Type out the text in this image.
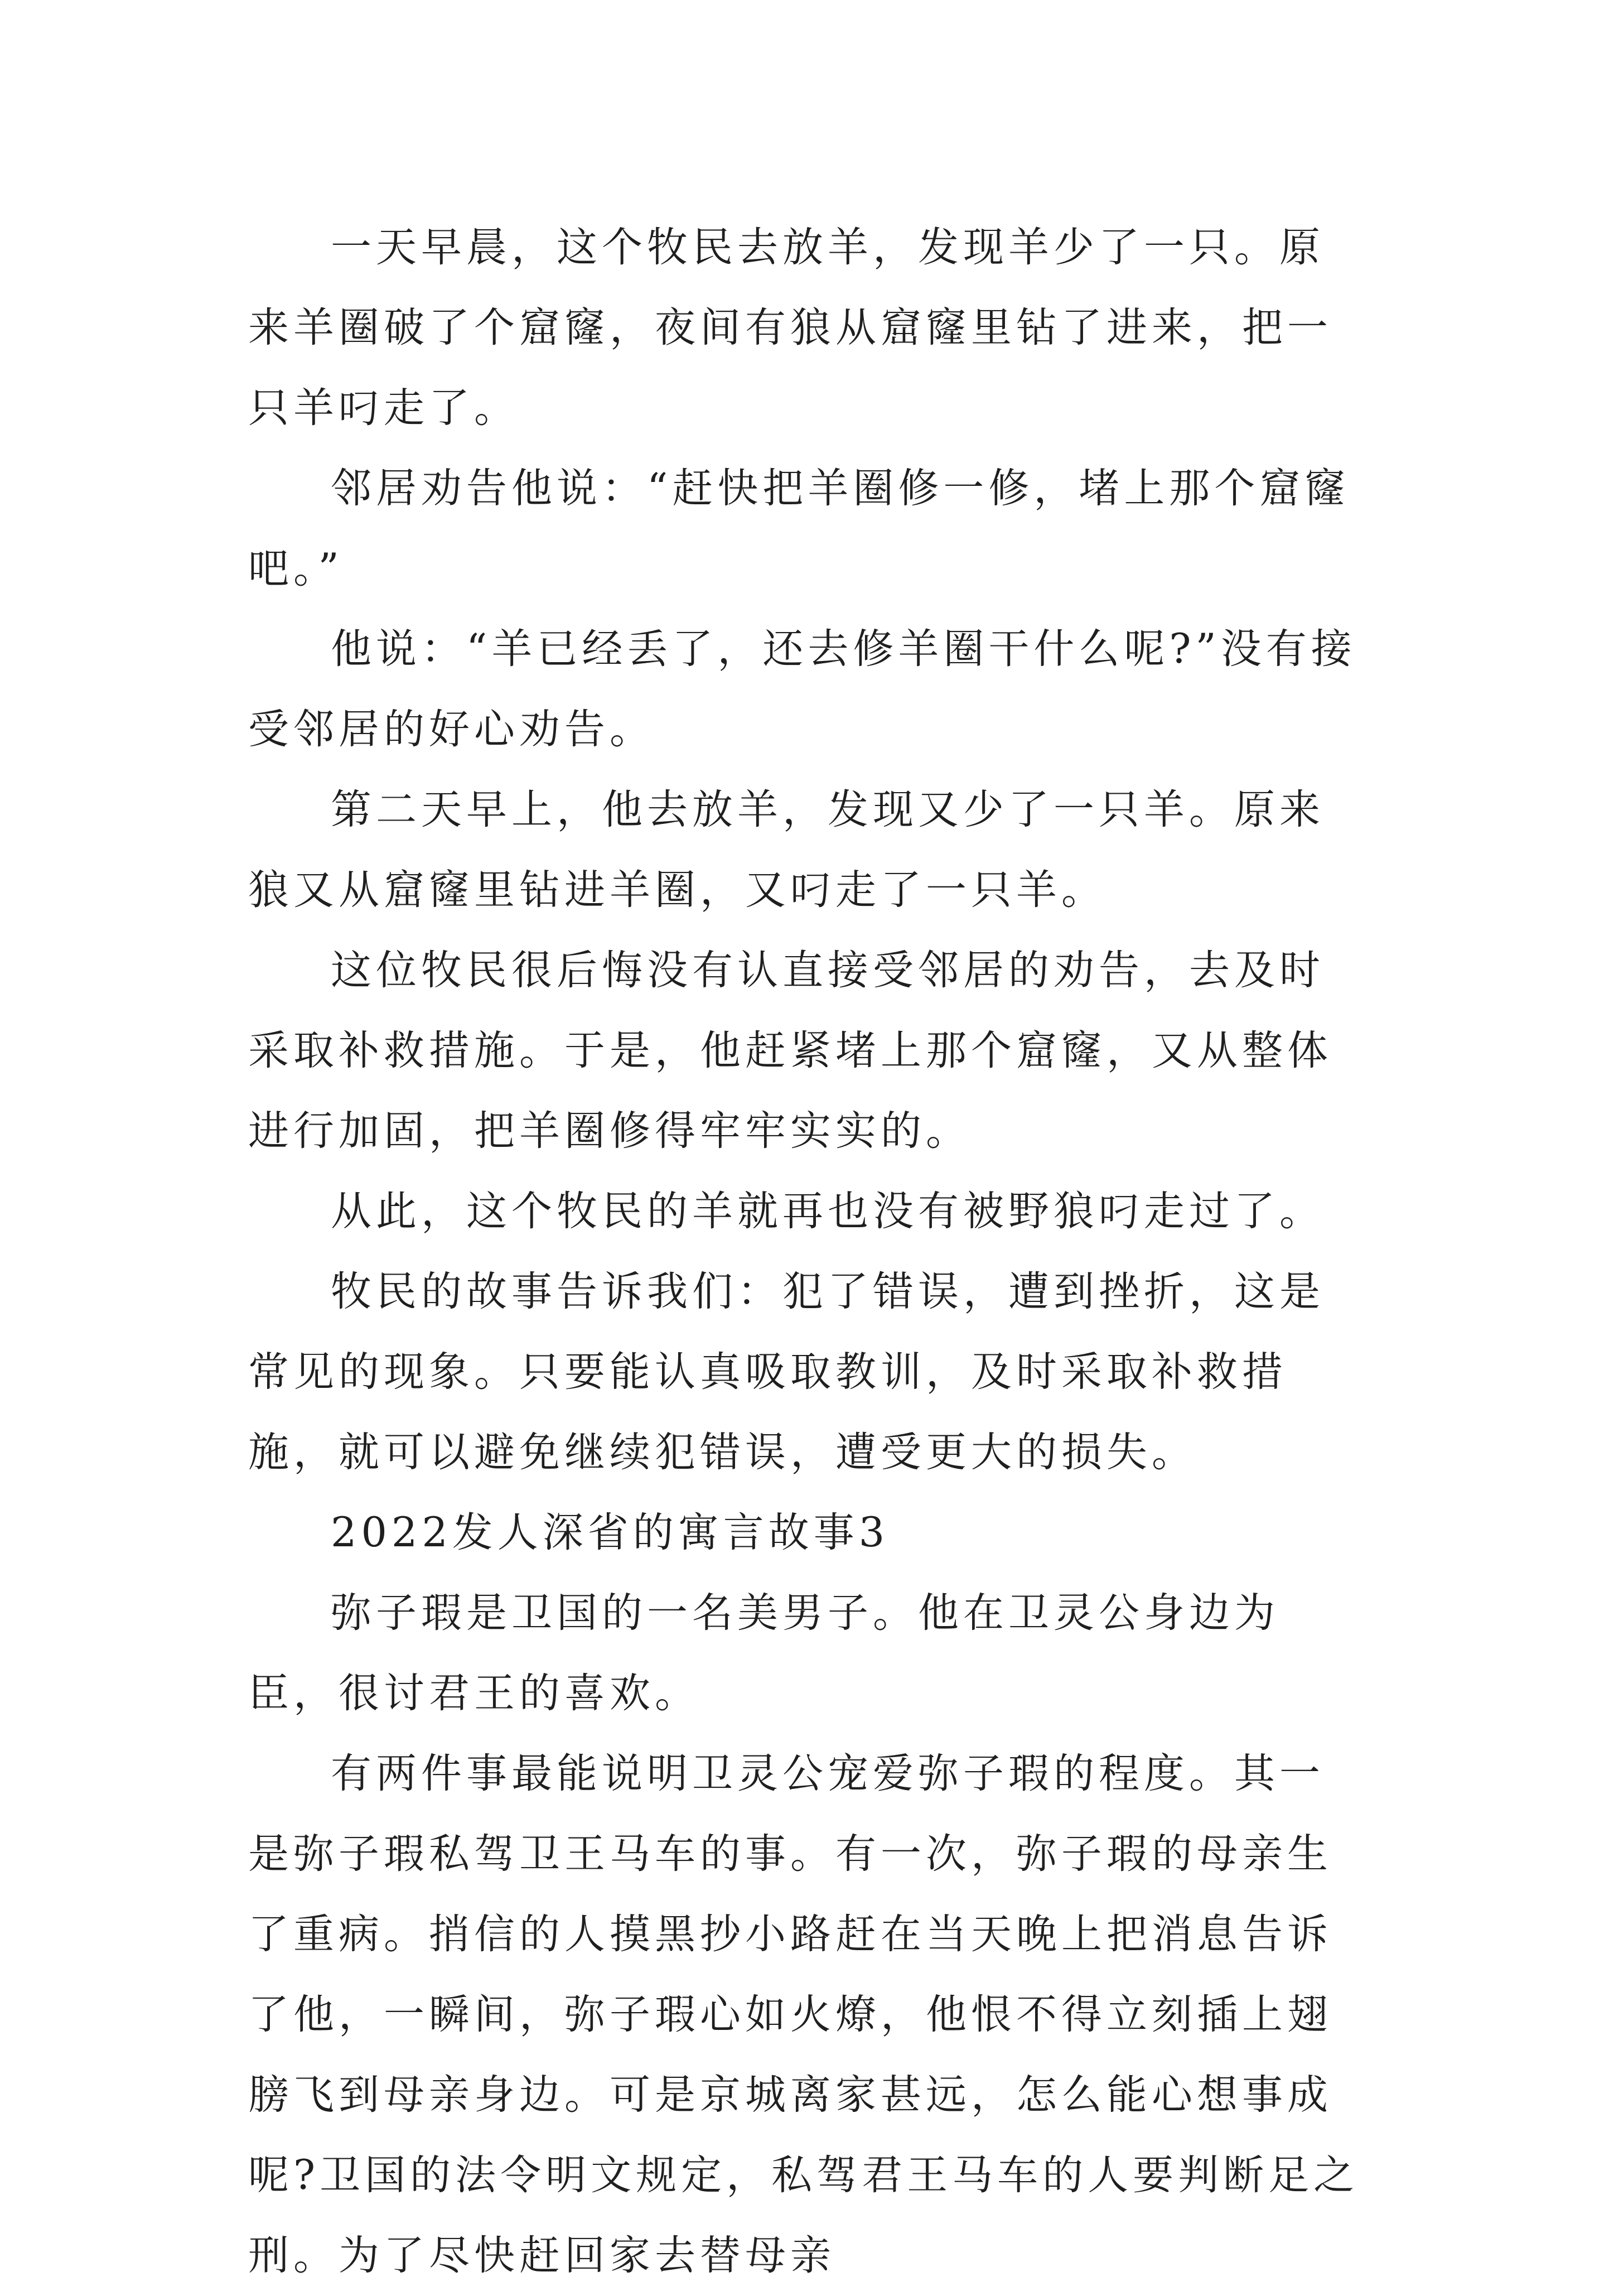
一天早晨，这个牧民去放羊，发现羊少了一只。原来羊圈破了个窟窿，夜间有狼从窟窿里钻了进来，把一只羊叼走了。

邻居劝告他说：“赶快把羊圈修一修，堵上那个窟窿吧。”

他说：“羊已经丢了，还去修羊圈干什么呢?”没有接受邻居的好心劝告。

第二天早上，他去放羊，发现又少了一只羊。原来狼又从窟窿里钻进羊圈，又叼走了一只羊。

这位牧民很后悔没有认直接受邻居的劝告，去及时采取补救措施。于是，他赶紧堵上那个窟窿，又从整体进行加固，把羊圈修得牢牢实实的。

从此，这个牧民的羊就再也没有被野狼叼走过了。

牧民的故事告诉我们：犯了错误，遭到挫折，这是常见的现象。只要能认真吸取教训，及时采取补救措施，就可以避免继续犯错误，遭受更大的损失。

2022发人深省的寓言故事3

弥子瑕是卫国的一名美男子。他在卫灵公身边为臣，很讨君王的喜欢。

有两件事最能说明卫灵公宠爱弥子瑕的程度。其一是弥子瑕私驾卫王马车的事。有一次，弥子瑕的母亲生了重病。捎信的人摸黑抄小路赶在当天晚上把消息告诉了他，一瞬间，弥子瑕心如火燎，他恨不得立刻插上翅膀飞到母亲身边。可是京城离家甚远，怎么能心想事成呢?卫国的法令明文规定，私驾君王马车的人要判断足之刑。为了尽快赶回家去替母亲
